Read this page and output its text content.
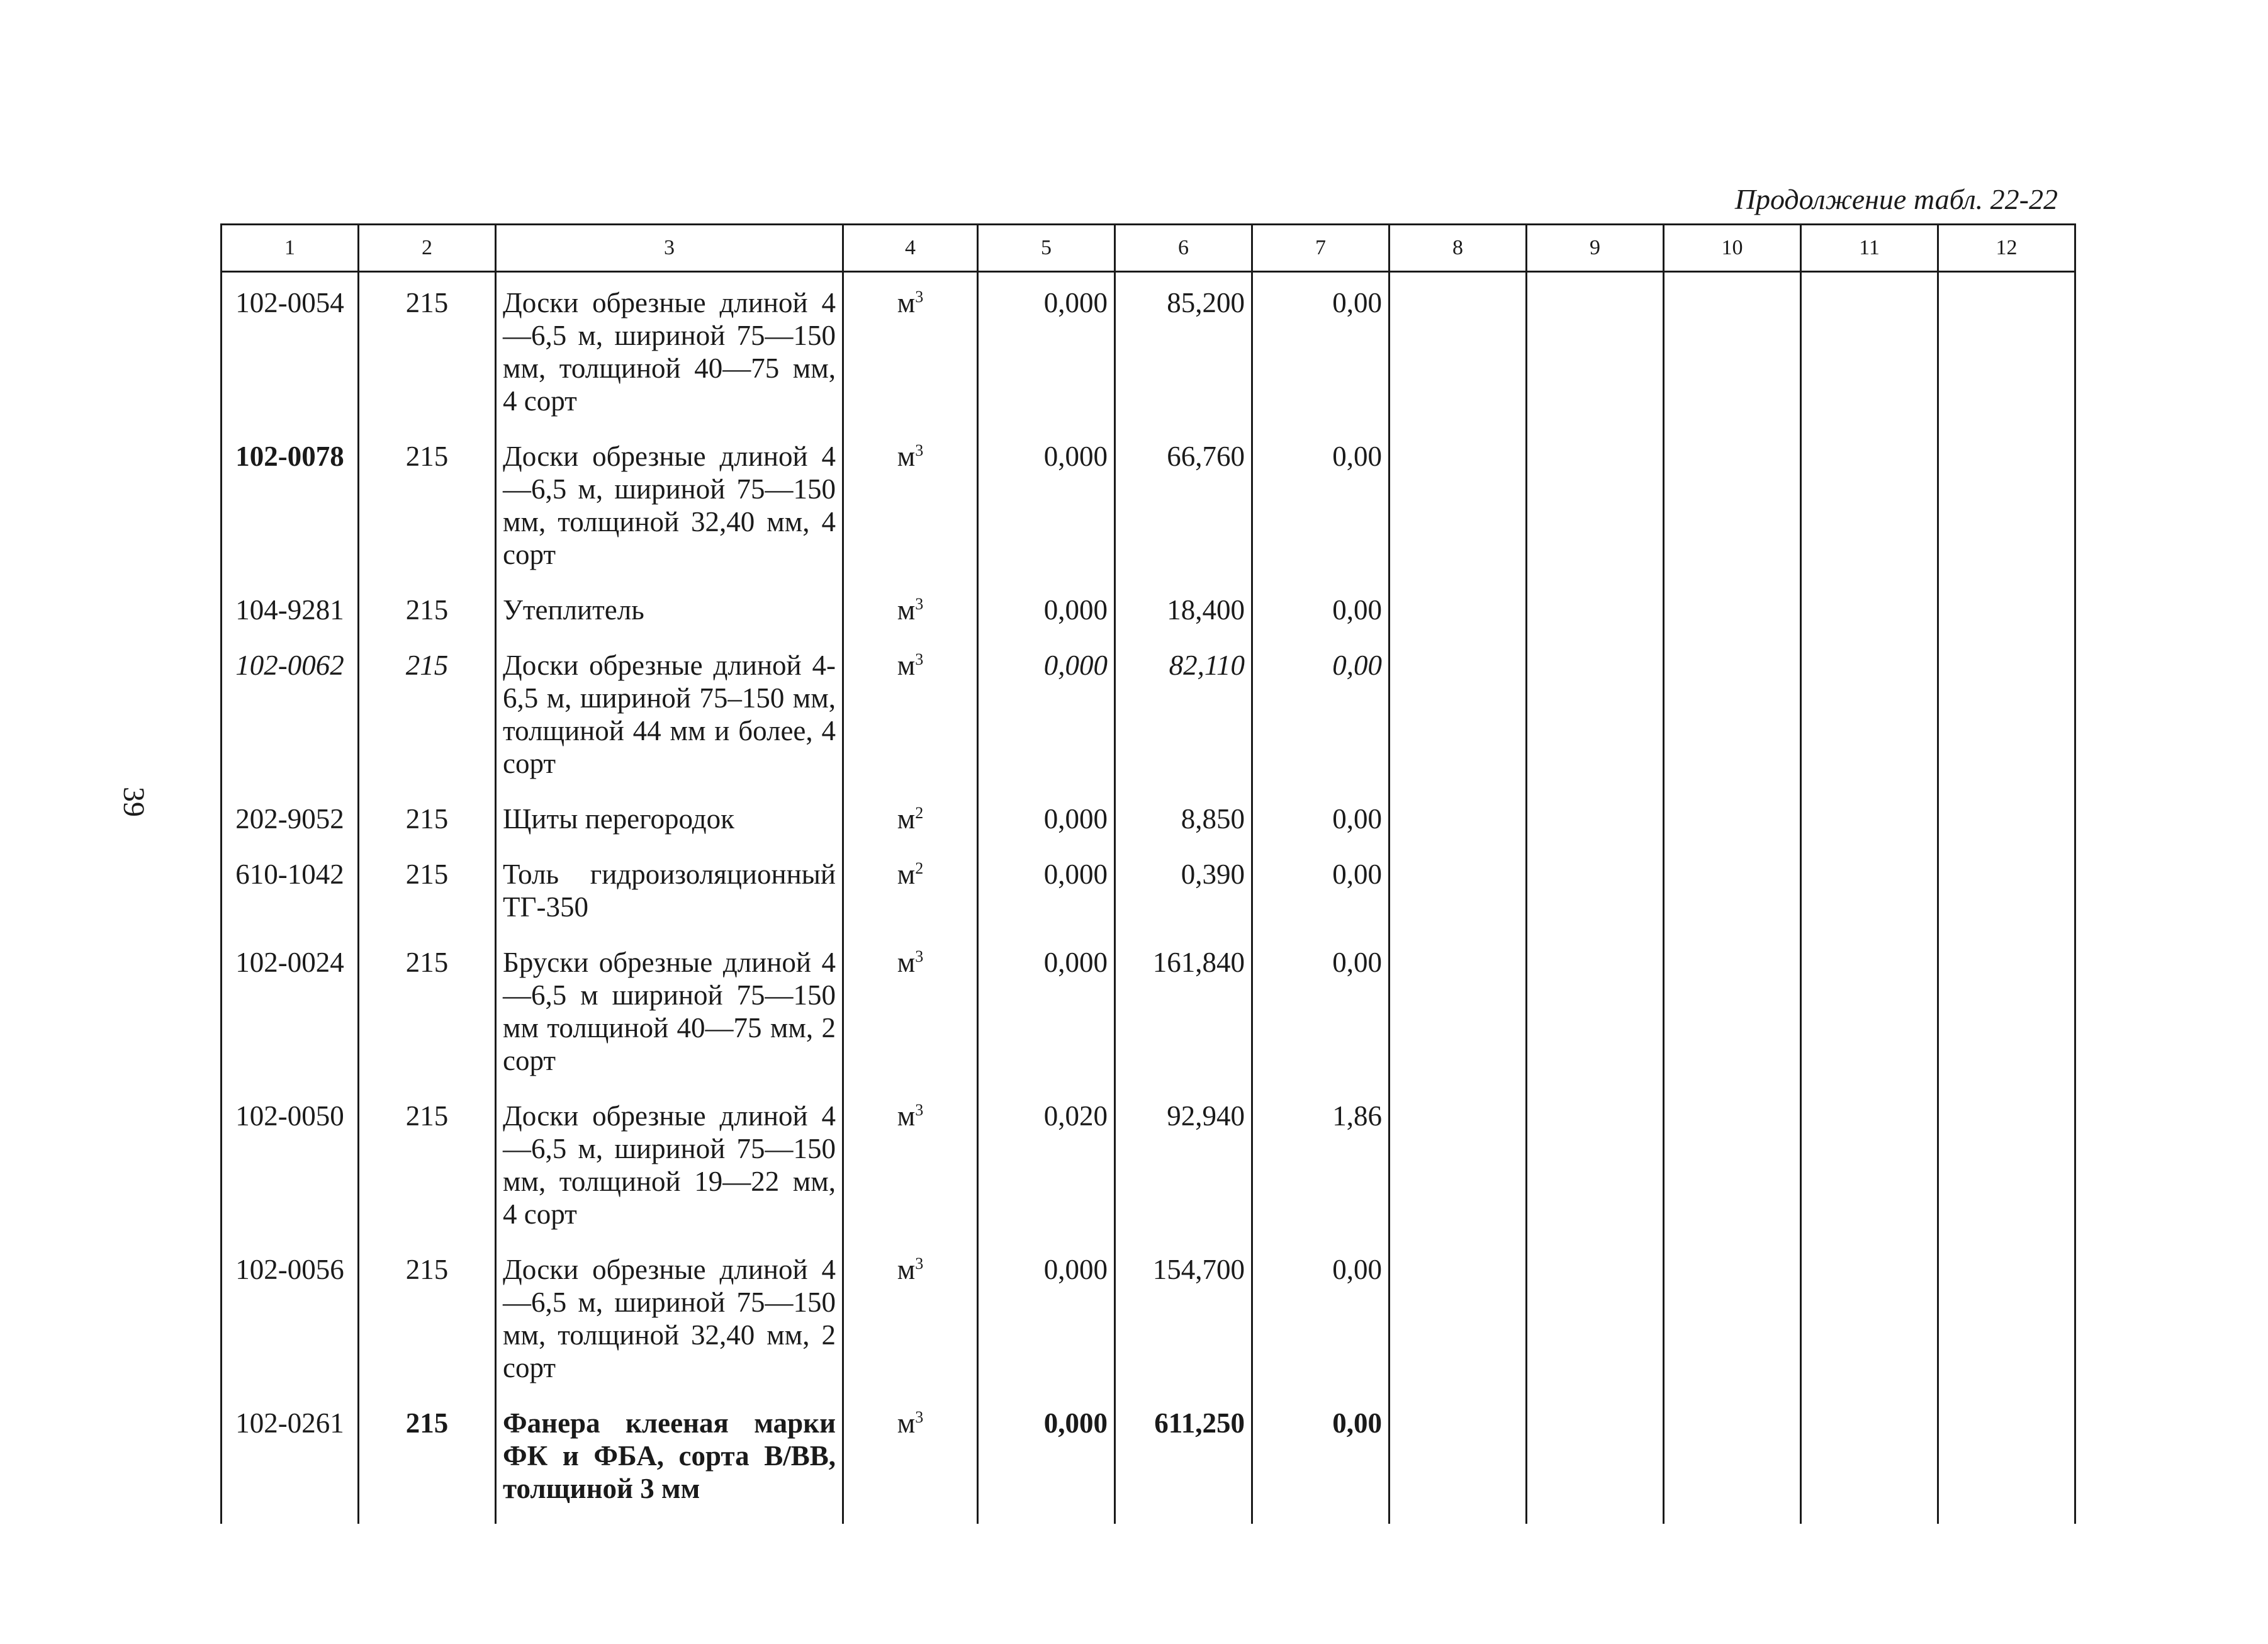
Продолжение табл. 22-22
39
1	2	3	4	5	6	7	8	9	10	11	12
102-0054	215	Доски обрезные длиной 4—6,5 м, шириной 75—150 мм, толщиной 40—75 мм, 4 сорт	$м^3$	0,000	85,200	0,00					
102-0078	215	Доски обрезные длиной 4—6,5 м, шириной 75—150 мм, толщиной 32,40 мм, 4 сорт	$м^3$	0,000	66,760	0,00					
104-9281	215	Утеплитель	$м^3$	0,000	18,400	0,00					
102-0062	215	Доски обрезные длиной 4-6,5 м, шириной 75–150 мм, толщиной 44 мм и более, 4 сорт	$м^3$	0,000	82,110	0,00					
202-9052	215	Щиты перегородок	$м^2$	0,000	8,850	0,00					
610-1042	215	Толь гидроизоляционный ТГ-350	$м^2$	0,000	0,390	0,00					
102-0024	215	Бруски обрезные длиной 4—6,5 м шириной 75—150 мм толщиной 40—75 мм, 2 сорт	$м^3$	0,000	161,840	0,00					
102-0050	215	Доски обрезные длиной 4—6,5 м, шириной 75—150 мм, толщиной 19—22 мм, 4 сорт	$м^3$	0,020	92,940	1,86					
102-0056	215	Доски обрезные длиной 4—6,5 м, шириной 75—150 мм, толщиной 32,40 мм, 2 сорт	$м^3$	0,000	154,700	0,00					
102-0261	215	Фанера клееная марки ФК и ФБА, сорта В/ВВ, толщиной 3 мм	$м^3$	0,000	611,250	0,00					
